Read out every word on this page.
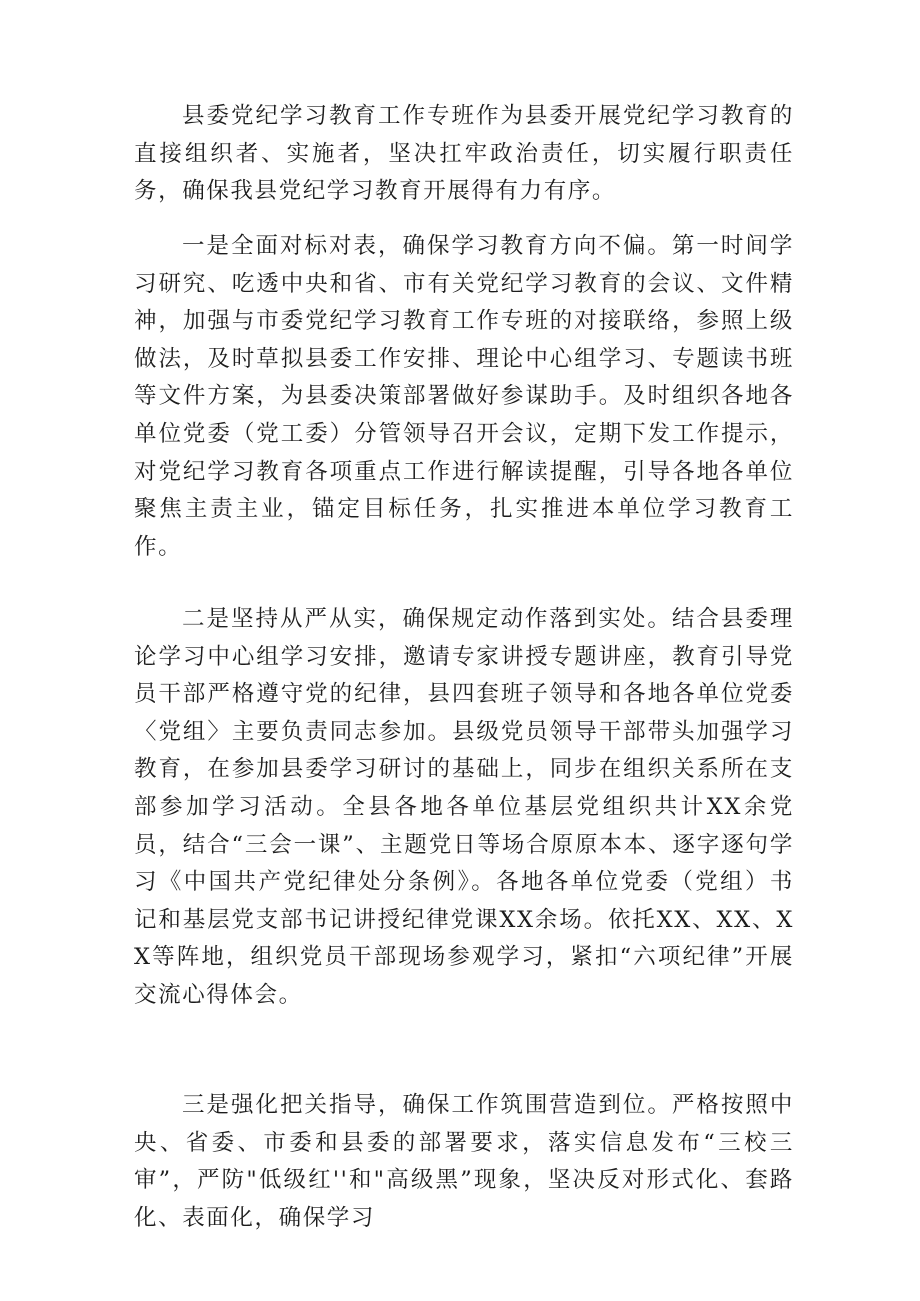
县委党纪学习教育工作专班作为县委开展党纪学习教育的直接组织者、实施者，坚决扛牢政治责任，切实履行职责任务，确保我县党纪学习教育开展得有力有序。

一是全面对标对表，确保学习教育方向不偏。第一时间学习研究、吃透中央和省、市有关党纪学习教育的会议、文件精神，加强与市委党纪学习教育工作专班的对接联络，参照上级做法，及时草拟县委工作安排、理论中心组学习、专题读书班等文件方案，为县委决策部署做好参谋助手。及时组织各地各单位党委（党工委）分管领导召开会议，定期下发工作提示，对党纪学习教育各项重点工作进行解读提醒，引导各地各单位聚焦主责主业，锚定目标任务，扎实推进本单位学习教育工作。

二是坚持从严从实，确保规定动作落到实处。结合县委理论学习中心组学习安排，邀请专家讲授专题讲座，教育引导党员干部严格遵守党的纪律，县四套班子领导和各地各单位党委〈党组〉主要负责同志参加。县级党员领导干部带头加强学习教育，在参加县委学习研讨的基础上，同步在组织关系所在支部参加学习活动。全县各地各单位基层党组织共计XX余党员，结合“三会一课”、主题党日等场合原原本本、逐字逐句学习《中国共产党纪律处分条例》。各地各单位党委（党组）书记和基层党支部书记讲授纪律党课XX余场。依托XX、XX、XX等阵地，组织党员干部现场参观学习，紧扣“六项纪律”开展交流心得体会。

三是强化把关指导，确保工作筑围营造到位。严格按照中央、省委、市委和县委的部署要求，落实信息发布“三校三审”，严防"低级红''和"高级黑”现象，坚决反对形式化、套路化、表面化，确保学习
